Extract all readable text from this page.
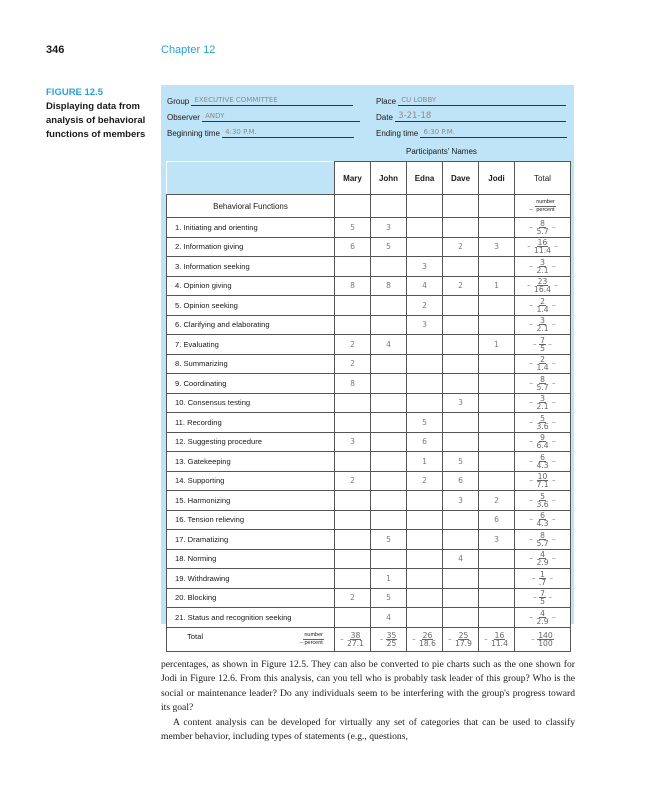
346	Chapter 12
FIGURE 12.5
Displaying data from analysis of behavioral functions of members
Group EXECUTIVE COMMITTEE
Observer ANDY
Beginning time 4:30 P.M.
Place CU LOBBY
Date 3-21-18
Ending time 6:30 P.M.
Participants' Names
	Mary	John	Edna	Dave	Jodi	Total
Behavioral Functions						_ $\frac{\text{number}}{\text{percent}}$

1. Initiating and orienting	5	3				– $\frac{8}{5.7}$ –
2. Information giving	6	5		2	3	– $\frac{16}{11.4}$ –
3. Information seeking			3			– $\frac{3}{2.1}$ –
4. Opinion giving	8	8	4	2	1	– $\frac{23}{16.4}$ –
5. Opinion seeking			2			– $\frac{2}{1.4}$ –
6. Clarifying and elaborating			3			– $\frac{3}{2.1}$ –
7. Evaluating	2	4			1	– $\frac{7}{5}$ –
8. Summarizing	2					– $\frac{2}{1.4}$ –
9. Coordinating	8					– $\frac{8}{5.7}$ –
10. Consensus testing				3		– $\frac{3}{2.1}$ –
11. Recording			5			– $\frac{5}{3.6}$ –
12. Suggesting procedure	3		6			– $\frac{9}{6.4}$ –
13. Gatekeeping			1	5		– $\frac{6}{4.3}$ –
14. Supporting	2		2	6		– $\frac{10}{7.1}$ –
15. Harmonizing				3	2	– $\frac{5}{3.6}$ –
16. Tension relieving					6	– $\frac{6}{4.3}$ –
17. Dramatizing		5			3	– $\frac{8}{5.7}$ –
18. Norming				4		– $\frac{4}{2.9}$ –
19. Withdrawing		1				– $\frac{1}{.7}$ –
20. Blocking	2	5				– $\frac{7}{5}$ –
21. Status and recognition seeking		4				– $\frac{4}{2.9}$ –
Total _ $\frac{\text{number}}{\text{percent}}$	– $\frac{38}{27.1}$	– $\frac{35}{25}$	– $\frac{26}{18.6}$	– $\frac{25}{17.9}$	– $\frac{16}{11.4}$	– $\frac{140}{100}$

percentages, as shown in Figure 12.5. They can also be converted to pie charts such as the one shown for Jodi in Figure 12.6. From this analysis, can you tell who is probably task leader of this group? Who is the social or maintenance leader? Do any individuals seem to be interfering with the group's progress toward its goal?

A content analysis can be developed for virtually any set of categories that can be used to classify member behavior, including types of statements (e.g., questions,
